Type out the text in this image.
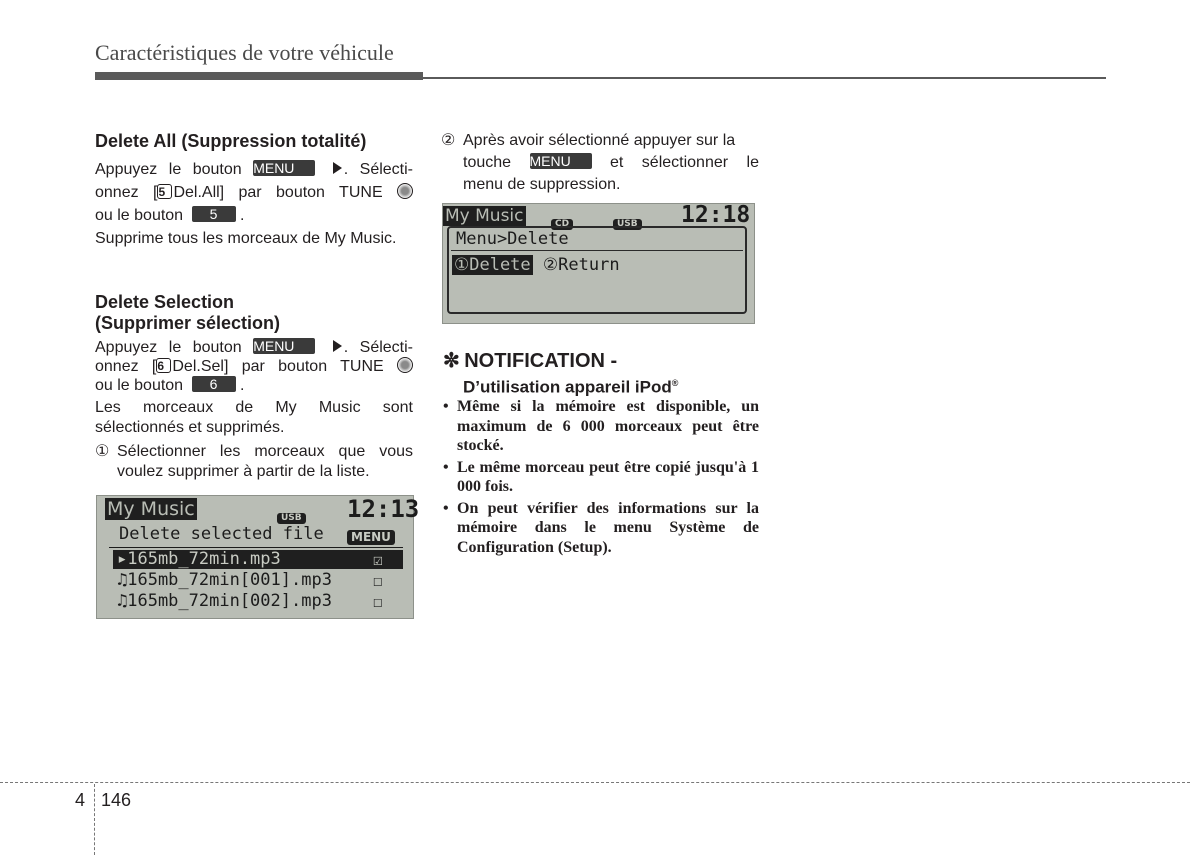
Caractéristiques de votre véhicule
Delete All (Suppression totalité)
Appuyez le bouton MENU	. Sélecti-
onnez [5 Del.All] par bouton TUNE
ou le bouton 5 .
Supprime tous les morceaux de My Music.
Delete Selection
(Supprimer sélection)
Appuyez le bouton MENU	. Sélecti-
onnez [6 Del.Sel] par bouton TUNE
ou le bouton 6 .
Les morceaux de My Music sont sélectionnés et supprimés.
① Sélectionner les morceaux que vous voulez supprimer à partir de la liste.
My Music	USB 12:13
Delete selected file	MENU
▸165mb_72min.mp3	☑
♫165mb_72min[001].mp3	☐
♫165mb_72min[002].mp3	☐
② Après avoir sélectionné appuyer sur la
touche MENU et sélectionner le
menu de suppression.
My Music	CD	USB 12:18
Menu>Delete
①Delete ②Return
✼ NOTIFICATION -
D’utilisation appareil iPod®
• Même si la mémoire est disponible, un maximum de 6 000 morceaux peut être stocké.
• Le même morceau peut être copié jusqu'à 1 000 fois.
• On peut vérifier des informations sur la mémoire dans le menu Système de Configuration (Setup).
4 146
